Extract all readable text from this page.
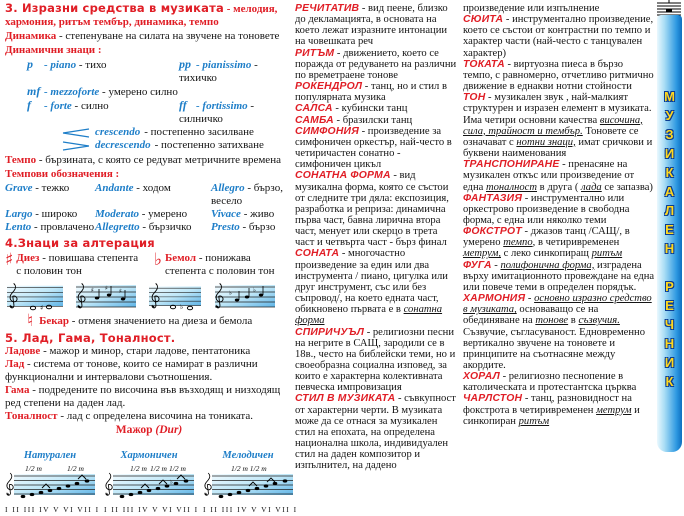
3. Изразни средства в музиката - мелодия, хармония, ритъм тембър, динамика, темпо

Динамика - степенуване на силата на звучене на тоновете

Динамични знаци :

p - piano - тихо	pp - pianissimo - тихичко
mf - mezzoforte - умерено силно
f - forte - силно	ff - fortissimo - силничко
crescendo - постепенно засилване
decrescendo - постепенно затихване

Темпо - бързината, с която се редуват метричните времена

Темпови обозначения :

Grave - тежко	Andante - ходом	Allegro - бързо, весело
Largo - широко	Moderato - умерено	Vivace - живо
Lento - провлачено Allegretto - бързичко	Presto - бързо

4.Знаци за алтерация

♯ Диез - повишава степента с половин тон
♭ Бемол - понижава степента с половин тон
♯
♯ ♯ ♯
♭
♭	♭
♮ Бекар - отменя значението на диеза и бемола

5. Лад, Гама, Тоналност.

Ладове - мажор и минор, стари ладове, пентатоника

Лад - система от тонове, които се намират в различни функционални и интервалови съотношения.

Гама - подредените по височина във възходящ и низходящ ред степени на даден лад.

Тоналност - лад с определена височина на тониката.

Мажор (Dur)

Натурален
1/2 т	1/2 т
I II III IV V VI VII I
Хармоничен
1/2 т 1/2 т 1/2 т
♭
I II III IV V VI VII I
Мелодичен
1/2 т 1/2 т
I II III IV V VI VII I

РЕЧИТАТИВ - вид пеене, близко до декламацията, в основата на което лежат изразните интонации на човешката реч

РИТЪМ - движението, което се поражда от редуването на различни по времетраене тонове

РОКЕНДРОЛ - танц, но и стил в популярната музика

САЛСА - кубински танц

САМБА - бразилски танц

СИМФОНИЯ - произведение за симфоничен оркестър, най-често в четиричастен сонатно - симфоничен цикъл

СОНАТНА ФОРМА - вид музикална форма, която се състои от следните три дяла: експозиция, разработка и реприза: динамична първа част, бавна лирична втора част, менует или скерцо в трета част и четвърта част - бърз финал

СОНАТА - многочастно произведение за един или два инструмента / пиано, цигулка или друг инструмент, със или без съпровод/, на което едната част, обикновено първата е в сонатна форма

СПИРИЧУЪЛ - религиозни песни на негрите в САЩ, зародили се в 18в., често на библейски теми, но и своеобразна социална изповед, за които е характерна колективната певческа импровизация

СТИЛ В МУЗИКАТА - съвкупност от характерни черти. В музиката може да се отнася за музикален стил на епохата, на определена национална школа, индивидуален стил на даден композитор и изпълнител, на дадено

произведение или изпълнение

СЮИТА - инструментално произведение, което се състои от контрастни по темпо и характер части (най-често с танцувален характер)

ТОКАТА - виртуозна пиеса в бързо темпо, с равномерно, отчетливо ритмично движение в еднакви нотни стойности

ТОН - музикален звук , най-малкият структурен и изразен елемент в музиката. Има четири основни качества височина, сила, трайност и тембър. Тоновете се означават с нотни знаци, имат сричкови и буквени наименования

ТРАНСПОНИРАНЕ - пренасяне на музикален откъс или произведение от една тоналност в друга ( лада се запазва)

ФАНТАЗИЯ - инструментално или оркестрово произведение в свободна форма, с една или няколко теми

ФОКСТРОТ - джазов танц /САЩ/, в умерено темпо, в четиривременен метрум, с леко синкопиращ ритъм

ФУГА - полифонична форма, изградена върху имитационното провеждане на една или повече теми в определен порядък.

ХАРМОНИЯ - основно изразно средство в музиката, основаващо се на обединяване на тонове в съзвучия. Съзвучие, съгласуваност. Едновременно вертикално звучене на тоновете и принципите на съотнасяне между акордите.

ХОРАЛ - религиозно песнопение в католическата и протестантска църква

ЧАРЛСТОН - танц, разновидност на фокстрота в четиривременен метрум и синкопиран ритъм

МУЗИКАЛЕН РЕЧНИК
